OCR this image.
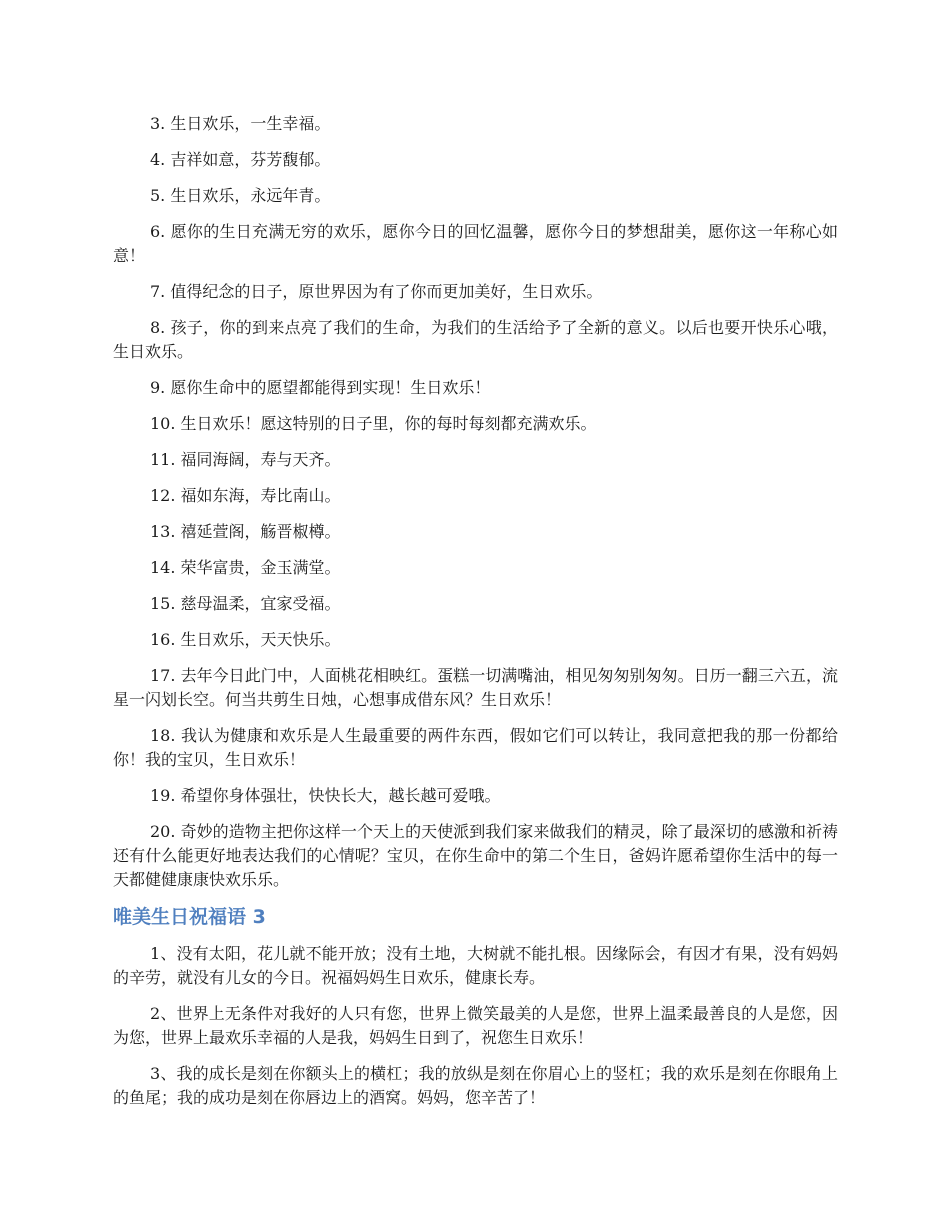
3. 生日欢乐，一生幸福。

4. 吉祥如意，芬芳馥郁。

5. 生日欢乐，永远年青。

6. 愿你的生日充满无穷的欢乐，愿你今日的回忆温馨，愿你今日的梦想甜美，愿你这一年称心如意！

7. 值得纪念的日子，原世界因为有了你而更加美好，生日欢乐。

8. 孩子，你的到来点亮了我们的生命，为我们的生活给予了全新的意义。以后也要开快乐心哦，生日欢乐。

9. 愿你生命中的愿望都能得到实现！生日欢乐！

10. 生日欢乐！愿这特别的日子里，你的每时每刻都充满欢乐。

11. 福同海阔，寿与天齐。

12. 福如东海，寿比南山。

13. 禧延萱阁，觞晋椒樽。

14. 荣华富贵，金玉满堂。

15. 慈母温柔，宜家受福。

16. 生日欢乐，天天快乐。

17. 去年今日此门中，人面桃花相映红。蛋糕一切满嘴油，相见匆匆别匆匆。日历一翻三六五，流星一闪划长空。何当共剪生日烛，心想事成借东风？生日欢乐！

18. 我认为健康和欢乐是人生最重要的两件东西，假如它们可以转让，我同意把我的那一份都给你！我的宝贝，生日欢乐！

19. 希望你身体强壮，快快长大，越长越可爱哦。

20. 奇妙的造物主把你这样一个天上的天使派到我们家来做我们的精灵，除了最深切的感激和祈祷还有什么能更好地表达我们的心情呢？宝贝，在你生命中的第二个生日，爸妈许愿希望你生活中的每一天都健健康康快欢乐乐。

唯美生日祝福语 3

1、没有太阳，花儿就不能开放；没有土地，大树就不能扎根。因缘际会，有因才有果，没有妈妈的辛劳，就没有儿女的今日。祝福妈妈生日欢乐，健康长寿。

2、世界上无条件对我好的人只有您，世界上微笑最美的人是您，世界上温柔最善良的人是您，因为您，世界上最欢乐幸福的人是我，妈妈生日到了，祝您生日欢乐！

3、我的成长是刻在你额头上的横杠；我的放纵是刻在你眉心上的竖杠；我的欢乐是刻在你眼角上的鱼尾；我的成功是刻在你唇边上的酒窝。妈妈，您辛苦了！
